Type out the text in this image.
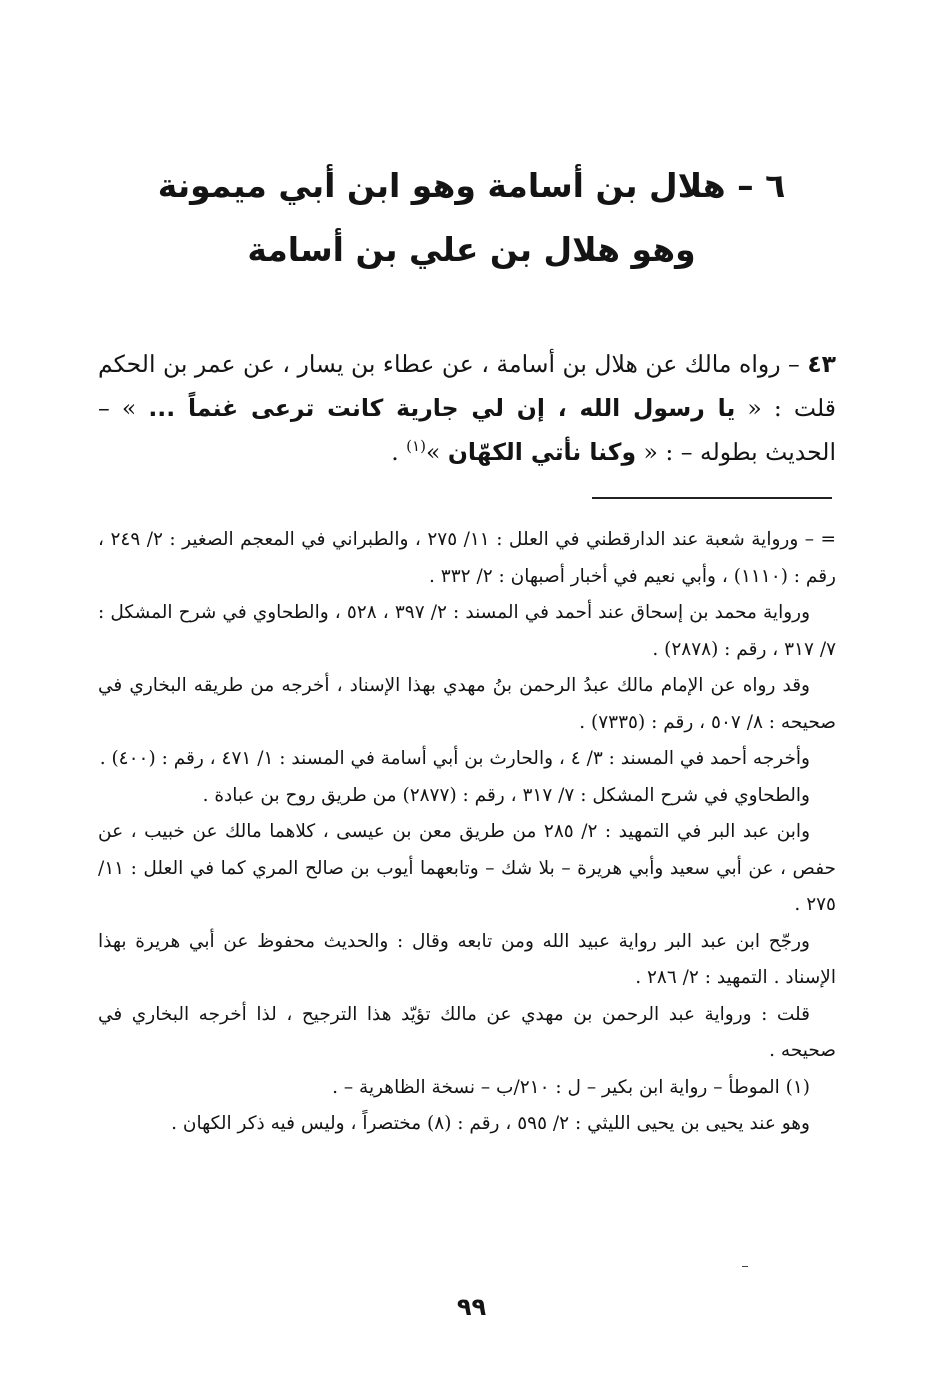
٦ – هلال بن أسامة وهو ابن أبي ميمونة
وهو هلال بن علي بن أسامة
٤٣ – رواه مالك عن هلال بن أسامة ، عن عطاء بن يسار ، عن عمر بن الحكم قلت : « يا رسول الله ، إن لي جارية كانت ترعى غنماً ... » – الحديث بطوله – : « وكنا نأتي الكهّان »$^{(١)}$ .

= – ورواية شعبة عند الدارقطني في العلل : ١١/ ٢٧٥ ، والطبراني في المعجم الصغير : ٢/ ٢٤٩ ، رقم : (١١١٠) ، وأبي نعيم في أخبار أصبهان : ٢/ ٣٣٢ .

ورواية محمد بن إسحاق عند أحمد في المسند : ٢/ ٣٩٧ ، ٥٢٨ ، والطحاوي في شرح المشكل : ٧/ ٣١٧ ، رقم : (٢٨٧٨) .

وقد رواه عن الإمام مالك عبدُ الرحمن بنُ مهدي بهذا الإسناد ، أخرجه من طريقه البخاري في صحيحه : ٨/ ٥٠٧ ، رقم : (٧٣٣٥) .

وأخرجه أحمد في المسند : ٣/ ٤ ، والحارث بن أبي أسامة في المسند : ١/ ٤٧١ ، رقم : (٤٠٠) .

والطحاوي في شرح المشكل : ٧/ ٣١٧ ، رقم : (٢٨٧٧) من طريق روح بن عبادة .

وابن عبد البر في التمهيد : ٢/ ٢٨٥ من طريق معن بن عيسى ، كلاهما مالك عن خبيب ، عن حفص ، عن أبي سعيد وأبي هريرة – بلا شك – وتابعهما أيوب بن صالح المري كما في العلل : ١١/ ٢٧٥ .

ورجّح ابن عبد البر رواية عبيد الله ومن تابعه وقال : والحديث محفوظ عن أبي هريرة بهذا الإسناد . التمهيد : ٢/ ٢٨٦ .

قلت : ورواية عبد الرحمن بن مهدي عن مالك تؤيّد هذا الترجيح ، لذا أخرجه البخاري في صحيحه .

(١) الموطأ – رواية ابن بكير – ل : ٢١٠/ب – نسخة الظاهرية – .

وهو عند يحيى بن يحيى الليثي : ٢/ ٥٩٥ ، رقم : (٨) مختصراً ، وليس فيه ذكر الكهان .

٩٩
